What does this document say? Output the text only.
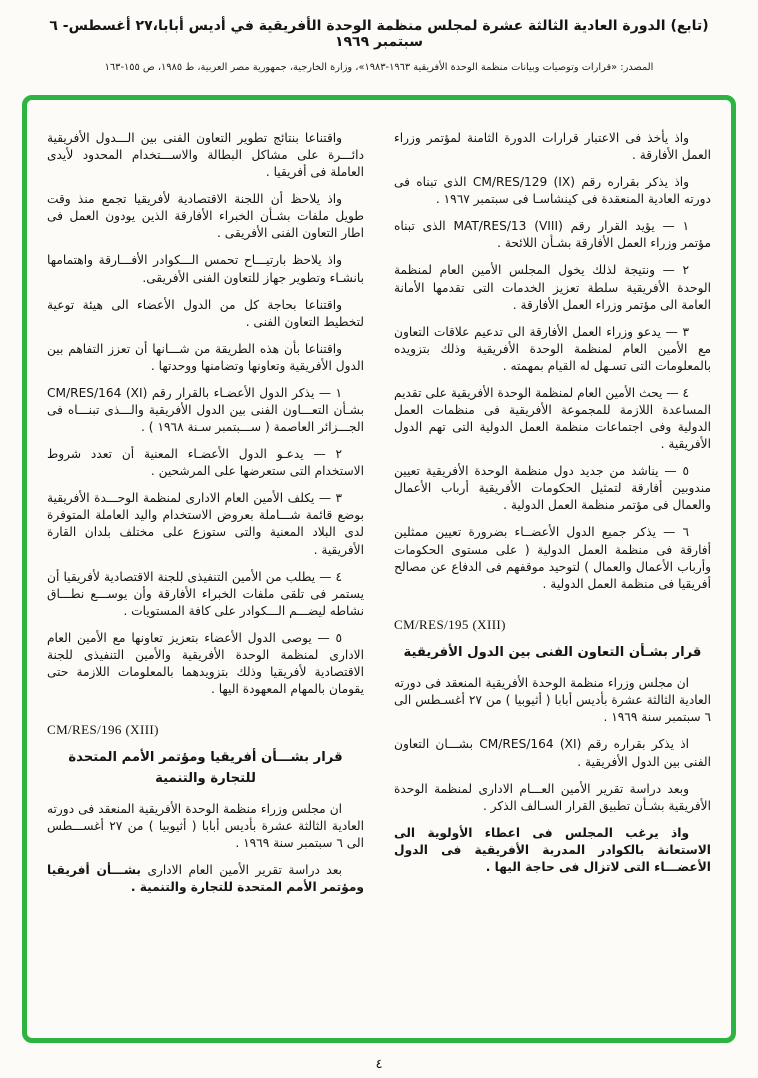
(تابع) الدورة العادية الثالثة عشرة لمجلس منظمة الوحدة الأفريقية في أديس أبابا،٢٧ أغسطس- ٦ سبتمبر ١٩٦٩
المصدر: «قرارات وتوصيات وبيانات منظمة الوحدة الأفريقية ١٩٦٣-١٩٨٣»، وزارة الخارجية، جمهورية مصر العربية، ط ١٩٨٥، ص ١٥٥-١٦٣
واذ يأخذ فى الاعتبار قرارات الدورة الثامنة لمؤتمر وزراء العمل الأفارقة .
واذ يذكر بقراره رقم CM/RES/129 (IX) الذى تبناه فى دورته العادية المنعقدة فى كينشاسـا فى سبتمبر ١٩٦٧ .
١ — يؤيد القرار رقم MAT/RES/13 (VIII) الذى تبناه مؤتمر وزراء العمل الأفارقة بشـأن اللائحة .
٢ — ونتيجة لذلك يخول المجلس الأمين العام لمنظمة الوحدة الأفريقية سلطة تعزيز الخدمات التى تقدمها الأمانة العامة الى مؤتمر وزراء العمل الأفارقة .
٣ — يدعو وزراء العمل الأفارقة الى تدعيم علاقات التعاون مع الأمين العام لمنظمة الوحدة الأفريقية وذلك بتزويده بالمعلومات التى تسـهل له القيام بمهمته .
٤ — يحث الأمين العام لمنظمة الوحدة الأفريقية على تقديم المساعدة اللازمة للمجموعة الأفريقية فى منظمات العمل الدولية وفى اجتماعات منظمة العمل الدولية التى تهم الدول الأفريقية .
٥ — يناشد من جديد دول منظمة الوحدة الأفريقية تعيين مندوبين أفارقة لتمثيل الحكومات الأفريقية أرباب الأعمال والعمال فى مؤتمر منظمة العمل الدولية .
٦ — يذكر جميع الدول الأعضــاء بضرورة تعيين ممثلين أفارقة فى منظمة العمل الدولية ( على مستوى الحكومات وأرباب الأعمال والعمال ) لتوحيد موقفهم فى الدفاع عن مصالح أفريقيا فى منظمة العمل الدولية .
CM/RES/195 (XIII)
قرار بشـأن التعاون الفنى بين الدول الأفريقية
ان مجلس وزراء منظمة الوحدة الأفريقية المنعقد فى دورته العادية الثالثة عشرة بأديس أبابا ( أثيوبيا ) من ٢٧ أغسـطس الى ٦ سبتمبر سنة ١٩٦٩ .
اذ يذكر بقراره رقم CM/RES/164 (XI) بشـــان التعاون الفنى بين الدول الأفريقية .
وبعد دراسة تقرير الأمين العـــام الادارى لمنظمة الوحدة الأفريقية بشـأن تطبيق القرار السـالف الذكر .
واذ يرغب المجلس فى اعطاء الأولوية الى الاستعانة بالكوادر المدربة الأفريقية فى الدول الأعضـــاء التى لاتزال فى حاجة اليها .
واقتناعا بنتائج تطوير التعاون الفنى بين الـــدول الأفريقية دائـــرة على مشاكل البطالة والاســـتخدام المحدود لأيدى العاملة فى أفريقيا .
واذ يلاحظ أن اللجنة الاقتصادية لأفريقيا تجمع منذ وقت طويل ملفات بشـأن الخبراء الأفارقة الذين يودون العمل فى اطار التعاون الفنى الأفريقى .
واذ يلاحظ بارتيـــاح تحمس الـــكوادر الأفـــارقة واهتمامها بانشـاء وتطوير جهاز للتعاون الفنى الأفريقى.
واقتناعا بحاجة كل من الدول الأعضاء الى هيئة توعية لتخطيط التعاون الفنى .
واقتناعا بأن هذه الطريقة من شـــانها أن تعزز التفاهم بين الدول الأفريقية وتعاونها وتضامنها ووحدتها .
١ — يذكر الدول الأعضـاء بالقرار رقم CM/RES/164 (XI) بشـأن التعـــاون الفنى بين الدول الأفريقية والـــذى تبنـــاه فى الجـــزائر العاصمة ( ســـبتمبر سـنة ١٩٦٨ ) .
٢ — يدعـو الدول الأعضـاء المعنية أن تعدد شروط الاستخدام التى ستعرضها على المرشحين .
٣ — يكلف الأمين العام الادارى لمنظمة الوحـــدة الأفريقية بوضع قائمة شـــاملة بعروض الاستخدام واليد العاملة المتوفرة لدى البلاد المعنية والتى ستوزع على مختلف بلدان القارة الأفريقية .
٤ — يطلب من الأمين التنفيذى للجنة الاقتصادية لأفريقيا أن يستمر فى تلقى ملفات الخبراء الأفارقة وأن يوســـع نطـــاق نشاطه ليضـــم الـــكوادر على كافة المستويات .
٥ — يوصى الدول الأعضاء بتعزيز تعاونها مع الأمين العام الادارى لمنظمة الوحدة الأفريقية والأمين التنفيذى للجنة الاقتصادية لأفريقيا وذلك بتزويدهما بالمعلومات اللازمة حتى يقومان بالمهام المعهودة اليها .
CM/RES/196 (XIII)
قرار بشـــأن أفريقيا ومؤتمر الأمم المتحدة للتجارة والتنمية
ان مجلس وزراء منظمة الوحدة الأفريقية المنعقد فى دورته العادية الثالثة عشرة بأديس أبابا ( أثيوبيا ) من ٢٧ أغســـطس الى ٦ سبتمبر سنة ١٩٦٩ .
بعد دراسة تقرير الأمين العام الادارى بشـــأن أفريقيا ومؤتمر الأمم المتحدة للتجارة والتنمية .
٤
